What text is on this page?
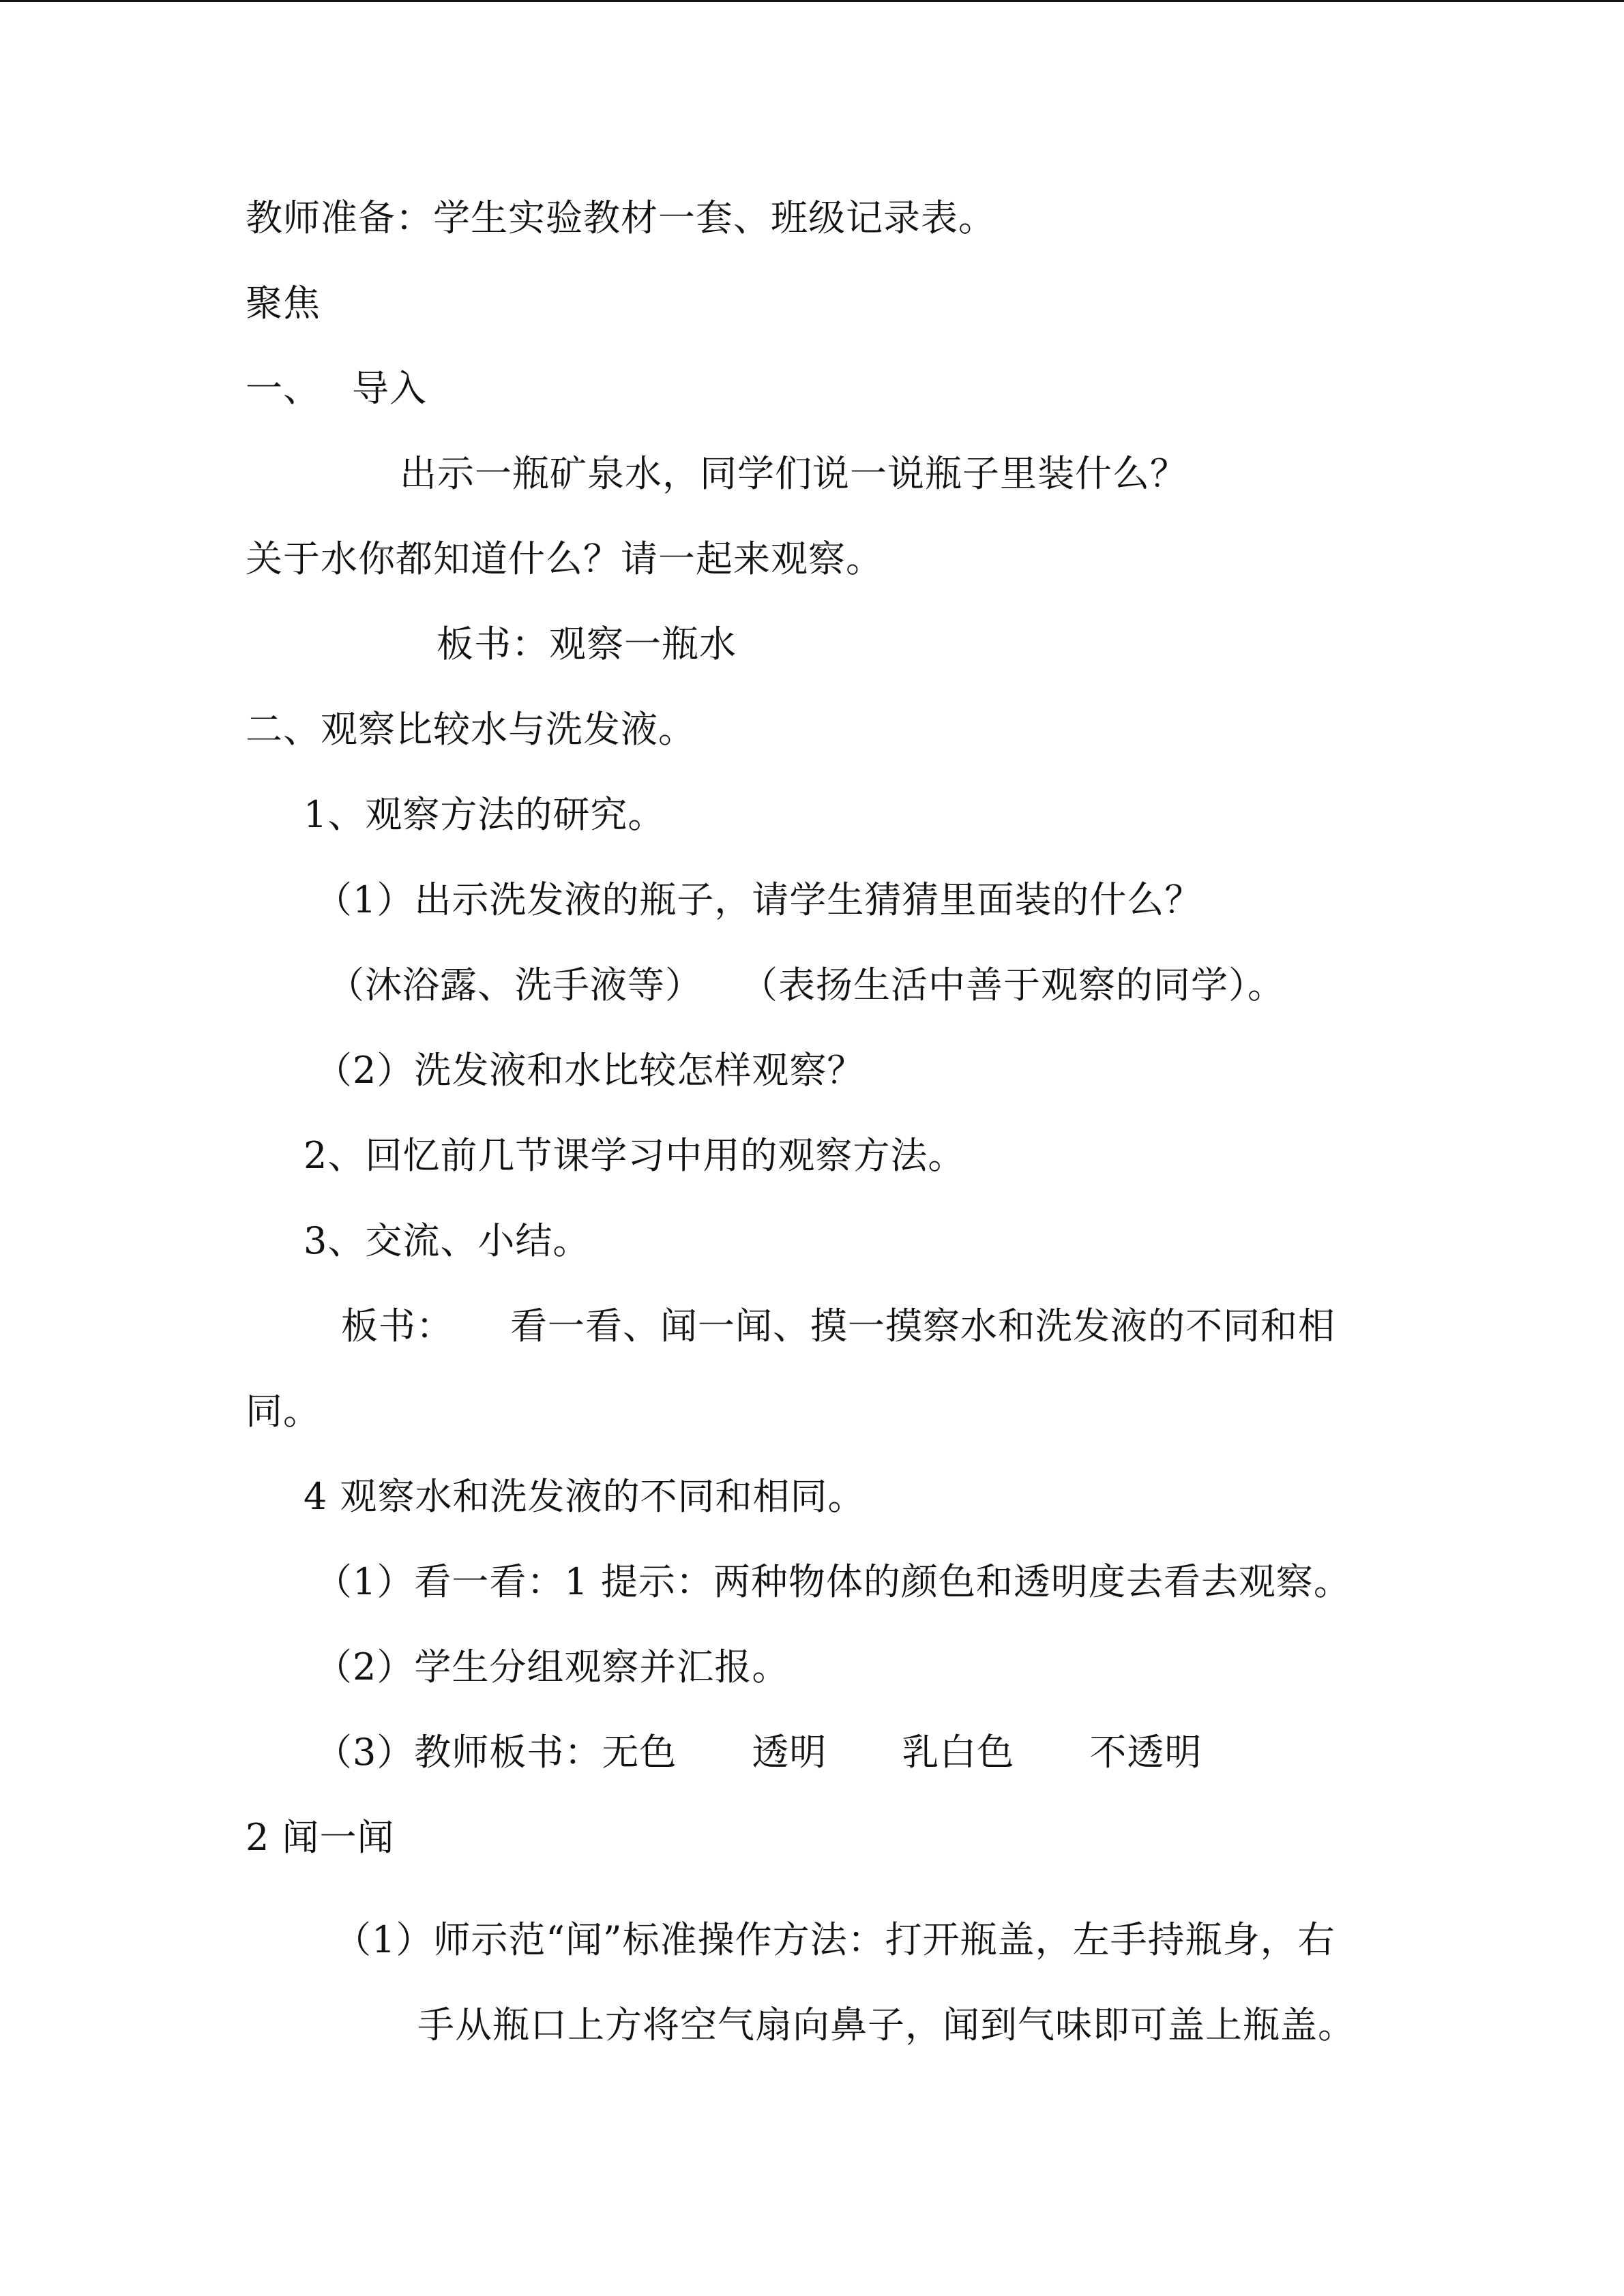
教师准备：学生实验教材一套、班级记录表。
聚焦
一、　 导入
出示一瓶矿泉水，同学们说一说瓶子里装什么？
关于水你都知道什么？请一起来观察。
板书：观察一瓶水
二、观察比较水与洗发液。
1、观察方法的研究。
（1）出示洗发液的瓶子，请学生猜猜里面装的什么？
（沐浴露、洗手液等）　　（表扬生活中善于观察的同学）。
（2）洗发液和水比较怎样观察？
2、回忆前几节课学习中用的观察方法。
3、交流、小结。
板书：　　看一看、闻一闻、摸一摸察水和洗发液的不同和相
同。
4 观察水和洗发液的不同和相同。
（1）看一看：1 提示：两种物体的颜色和透明度去看去观察。
（2）学生分组观察并汇报。
（3）教师板书：无色　　透明　　乳白色　　不透明
2 闻一闻
（1）师示范“闻”标准操作方法：打开瓶盖，左手持瓶身，右
手从瓶口上方将空气扇向鼻子，闻到气味即可盖上瓶盖。
